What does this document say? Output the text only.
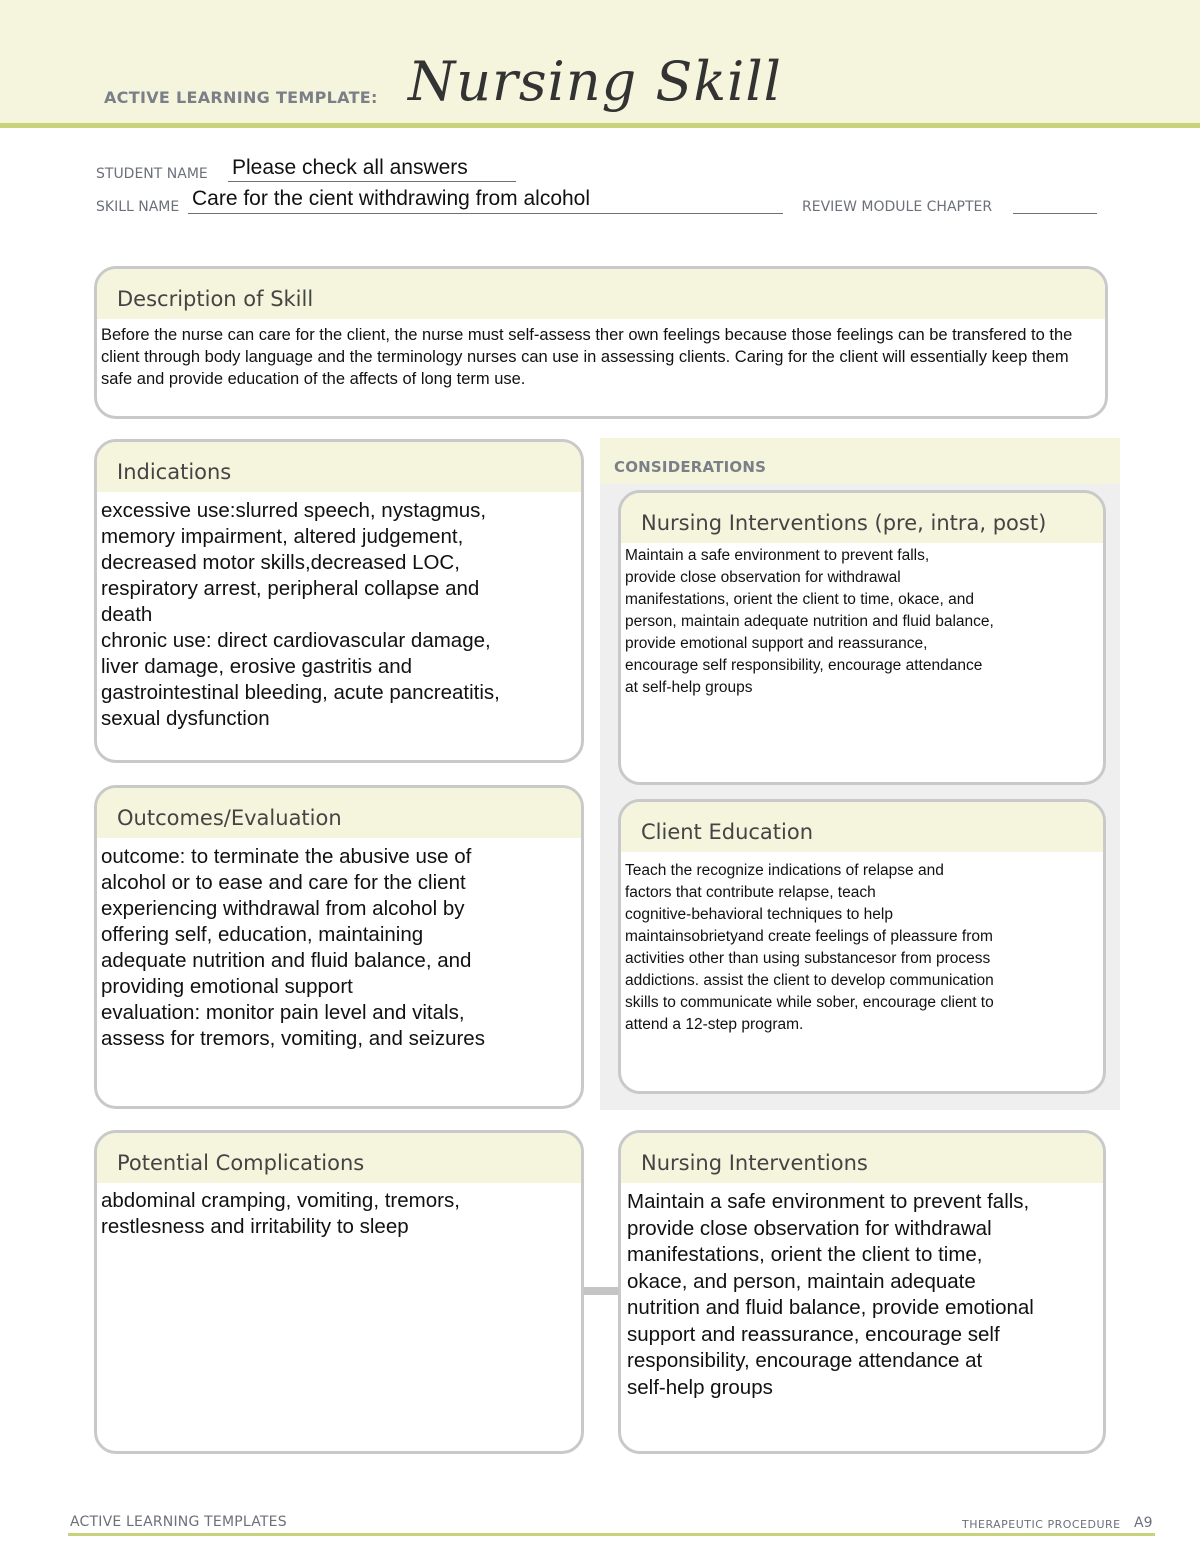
ACTIVE LEARNING TEMPLATE: Nursing Skill
STUDENT NAME Please check all answers
SKILL NAME Care for the cient withdrawing from alcohol	REVIEW MODULE CHAPTER
Description of Skill
Before the nurse can care for the client, the nurse must self-assess ther own feelings because those feelings can be transfered to the client through body language and the terminology nurses can use in assessing clients. Caring for the client will essentially keep them safe and provide education of the affects of long term use.
CONSIDERATIONS
Indications
excessive use:slurred speech, nystagmus,
memory impairment, altered judgement,
decreased motor skills,decreased LOC,
respiratory arrest, peripheral collapse and
death
chronic use: direct cardiovascular damage,
liver damage, erosive gastritis and
gastrointestinal bleeding, acute pancreatitis,
sexual dysfunction
Nursing Interventions (pre, intra, post)
Maintain a safe environment to prevent falls,
provide close observation for withdrawal
manifestations, orient the client to time, okace, and
person, maintain adequate nutrition and fluid balance,
provide emotional support and reassurance,
encourage self responsibility, encourage attendance
at self-help groups
Outcomes/Evaluation
outcome: to terminate the abusive use of
alcohol or to ease and care for the client
experiencing withdrawal from alcohol by
offering self, education, maintaining
adequate nutrition and fluid balance, and
providing emotional support
evaluation: monitor pain level and vitals,
assess for tremors, vomiting, and seizures
Client Education
Teach the recognize indications of relapse and
factors that contribute relapse, teach
cognitive-behavioral techniques to help
maintainsobrietyand create feelings of pleassure from
activities other than using substancesor from process
addictions. assist the client to develop communication
skills to communicate while sober, encourage client to
attend a 12-step program.
Potential Complications
abdominal cramping, vomiting, tremors,
restlesness and irritability to sleep
Nursing Interventions
Maintain a safe environment to prevent falls,
provide close observation for withdrawal
manifestations, orient the client to time,
okace, and person, maintain adequate
nutrition and fluid balance, provide emotional
support and reassurance, encourage self
responsibility, encourage attendance at
self-help groups
ACTIVE LEARNING TEMPLATES	THERAPEUTIC PROCEDURE A9
